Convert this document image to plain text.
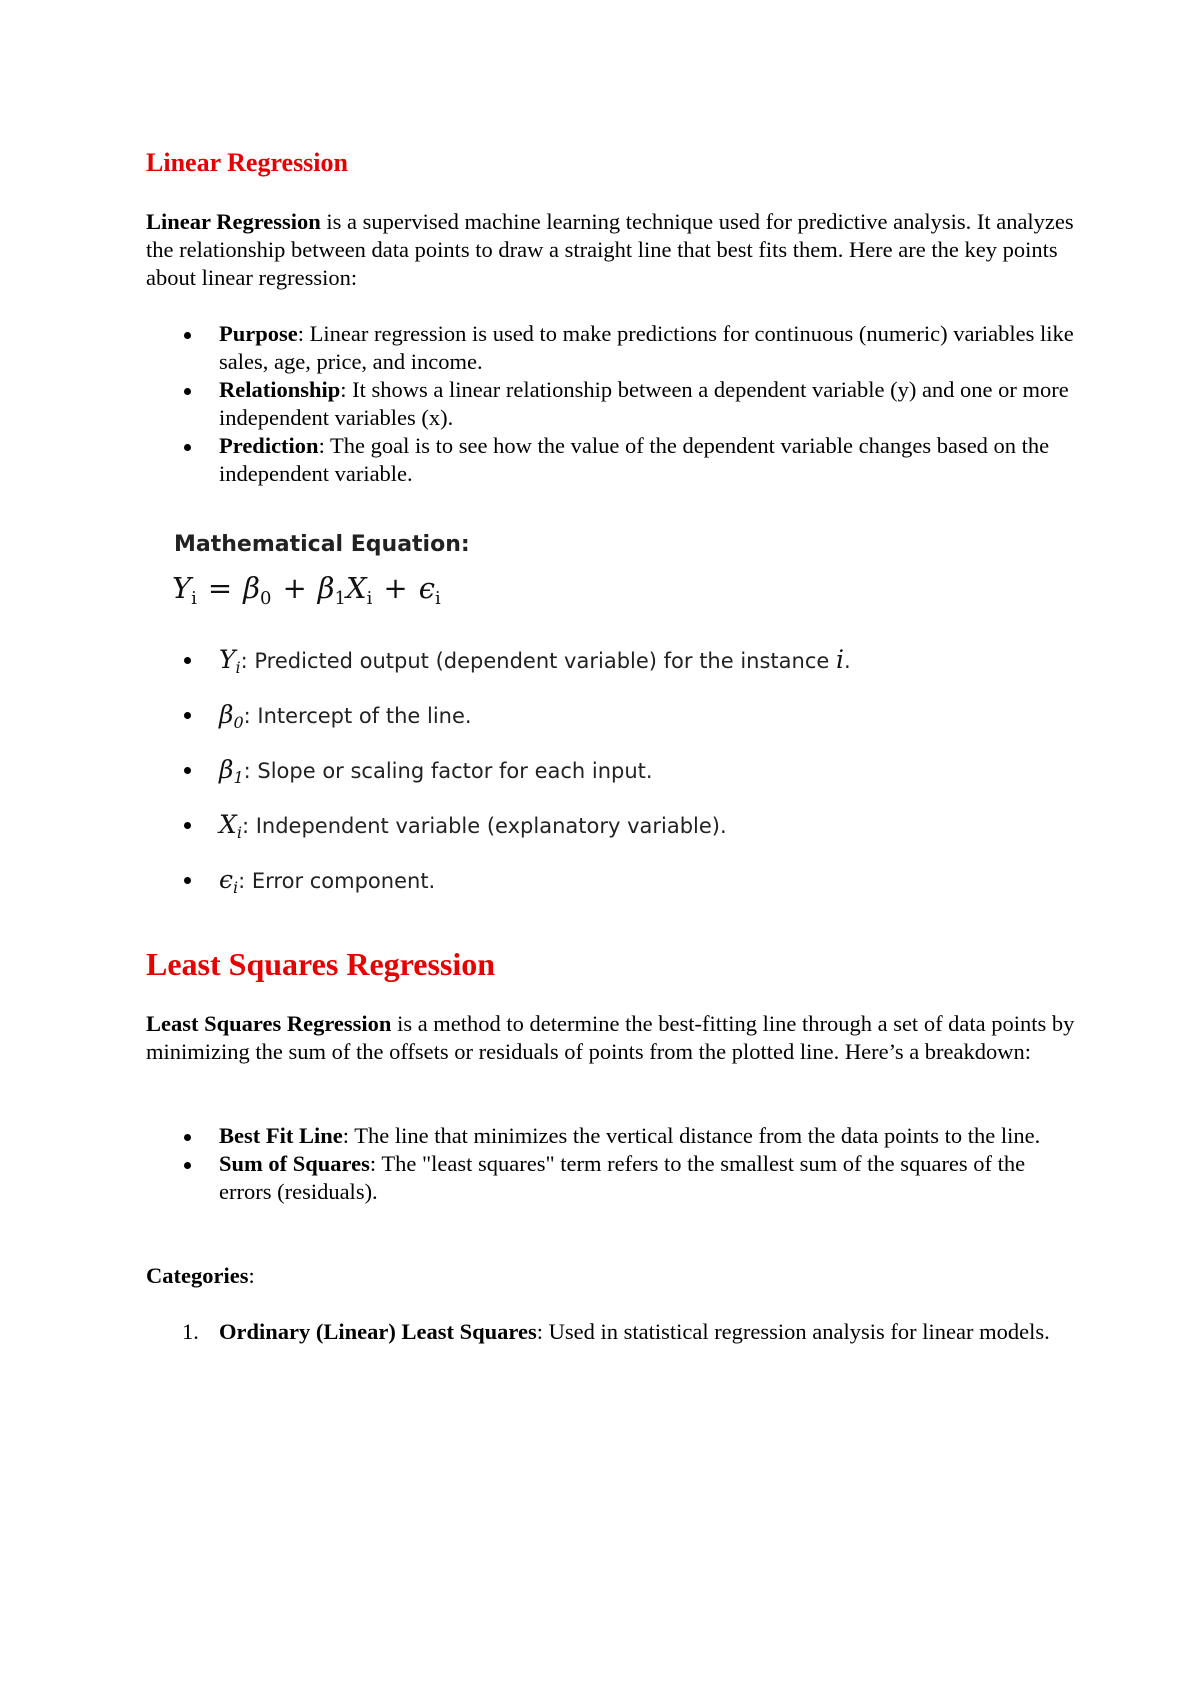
Linear Regression

Linear Regression is a supervised machine learning technique used for predictive analysis. It analyzes the relationship between data points to draw a straight line that best fits them. Here are the key points about linear regression:

Purpose: Linear regression is used to make predictions for continuous (numeric) variables like sales, age, price, and income.
Relationship: It shows a linear relationship between a dependent variable (y) and one or more independent variables (x).
Prediction: The goal is to see how the value of the dependent variable changes based on the independent variable.
Mathematical Equation:
$Y_i = \beta_0 + \beta_1X_i + \epsilon_i$
$Y_i$: Predicted output (dependent variable) for the instance i.
$\beta_0$: Intercept of the line.
$\beta_1$: Slope or scaling factor for each input.
$X_i$: Independent variable (explanatory variable).
$\epsilon_i$: Error component.
Least Squares Regression

Least Squares Regression is a method to determine the best-fitting line through a set of data points by minimizing the sum of the offsets or residuals of points from the plotted line. Here’s a breakdown:

Best Fit Line: The line that minimizes the vertical distance from the data points to the line.
Sum of Squares: The "least squares" term refers to the smallest sum of the squares of the errors (residuals).

Categories:

1. Ordinary (Linear) Least Squares: Used in statistical regression analysis for linear models.
